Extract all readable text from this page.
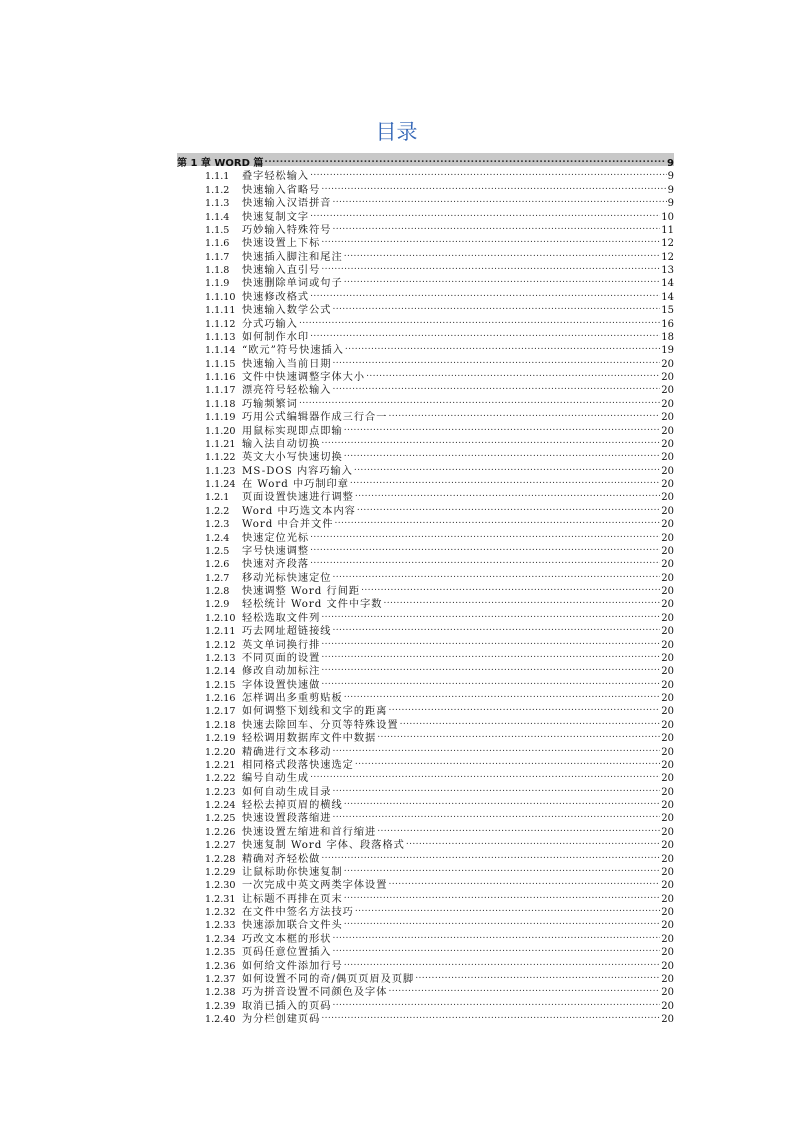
目录
第 1 章 WORD 篇 .....	9
1.1.1	叠字轻松输入 .....	9
1.1.2	快速输入省略号 .....	9
1.1.3	快速输入汉语拼音 .....	9
1.1.4	快速复制文字 .....	10
1.1.5	巧妙输入特殊符号 .....	11
1.1.6	快速设置上下标 .....	12
1.1.7	快速插入脚注和尾注 .....	12
1.1.8	快速输入直引号 .....	13
1.1.9	快速删除单词或句子 .....	14
1.1.10 快速修改格式 .....	14
1.1.11 快速输入数学公式 .....	15
1.1.12 分式巧输入 .....	16
1.1.13 如何制作水印 .....	18
1.1.14 “欧元”符号快速插入 .....	19
1.1.15 快速输入当前日期 .....	20
1.1.16 文件中快速调整字体大小 .....	20
1.1.17 漂亮符号轻松输入 .....	20
1.1.18 巧输频繁词 .....	20
1.1.19 巧用公式编辑器作成三行合一 .....	20
1.1.20 用鼠标实现即点即输 .....	20
1.1.21 输入法自动切换 .....	20
1.1.22 英文大小写快速切换 .....	20
1.1.23 MS-DOS 内容巧输入 .....	20
1.1.24 在 Word 中巧制印章 .....	20
1.2.1	页面设置快速进行调整 .....	20
1.2.2	Word 中巧选文本内容 .....	20
1.2.3	Word 中合并文件 .....	20
1.2.4	快速定位光标 .....	20
1.2.5	字号快速调整 .....	20
1.2.6	快速对齐段落 .....	20
1.2.7	移动光标快速定位 .....	20
1.2.8	快速调整 Word 行间距 .....	20
1.2.9	轻松统计 Word 文件中字数 .....	20
1.2.10 轻松选取文件列 .....	20
1.2.11 巧去网址超链接线 .....	20
1.2.12 英文单词换行排 .....	20
1.2.13 不同页面的设置 .....	20
1.2.14 修改自动加标注 .....	20
1.2.15 字体设置快速做 .....	20
1.2.16 怎样调出多重剪贴板 .....	20
1.2.17 如何调整下划线和文字的距离 .....	20
1.2.18 快速去除回车、分页等特殊设置 .....	20
1.2.19 轻松调用数据库文件中数据 .....	20
1.2.20 精确进行文本移动 .....	20
1.2.21 相同格式段落快速选定 .....	20
1.2.22 编号自动生成 .....	20
1.2.23 如何自动生成目录 .....	20
1.2.24 轻松去掉页眉的横线 .....	20
1.2.25 快速设置段落缩进 .....	20
1.2.26 快速设置左缩进和首行缩进 .....	20
1.2.27 快速复制 Word 字体、段落格式 .....	20
1.2.28 精确对齐轻松做 .....	20
1.2.29 让鼠标助你快速复制 .....	20
1.2.30 一次完成中英文两类字体设置 .....	20
1.2.31 让标题不再排在页末 .....	20
1.2.32 在文件中签名方法技巧 .....	20
1.2.33 快速添加联合文件头 .....	20
1.2.34 巧改文本框的形状 .....	20
1.2.35 页码任意位置插入 .....	20
1.2.36 如何给文件添加行号 .....	20
1.2.37 如何设置不同的奇/偶页页眉及页脚 .....	20
1.2.38 巧为拼音设置不同颜色及字体 .....	20
1.2.39 取消已插入的页码 .....	20
1.2.40 为分栏创建页码 .....	20
